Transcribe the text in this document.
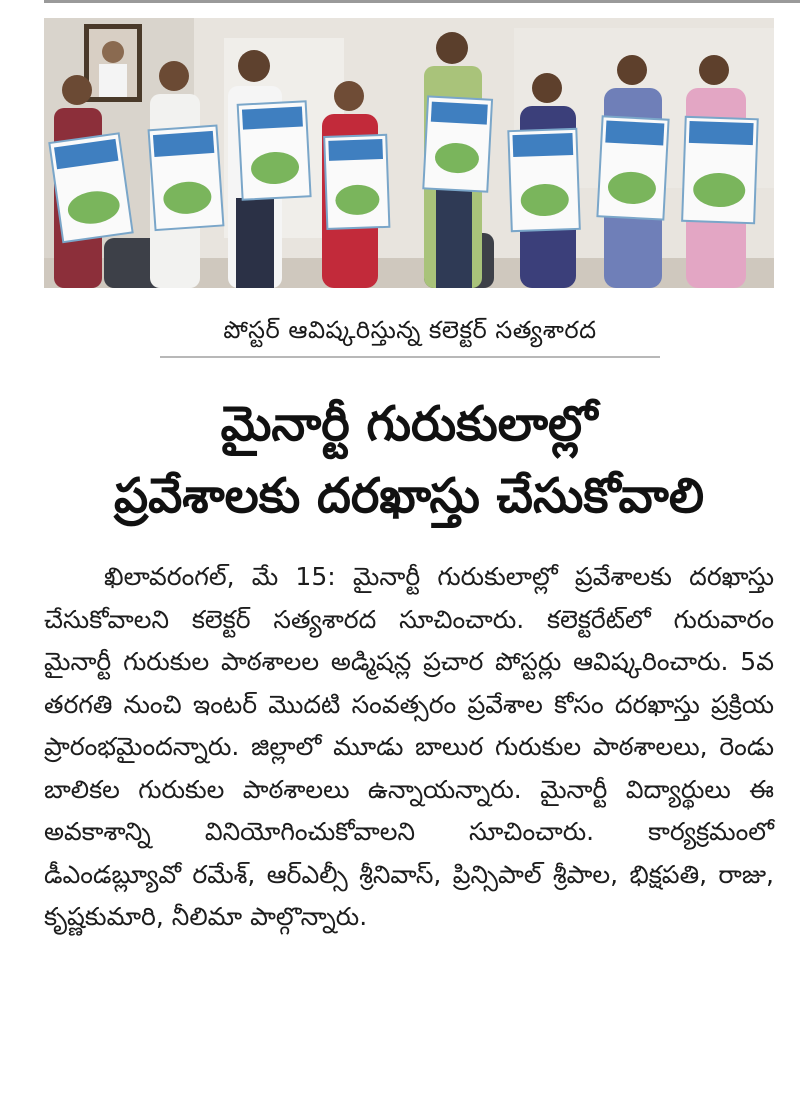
పోస్టర్ ఆవిష్కరిస్తున్న కలెక్టర్ సత్యశారద
మైనార్టీ గురుకులాల్లో
ప్రవేశాలకు దరఖాస్తు చేసుకోవాలి

ఖిలావరంగల్, మే 15: మైనార్టీ గురుకులాల్లో ప్రవేశాలకు దరఖాస్తు చేసుకోవాలని కలెక్టర్ సత్యశారద సూచించారు. కలెక్టరేట్‌లో గురువారం మైనార్టీ గురుకుల పాఠశాలల అడ్మిషన్ల ప్రచార పోస్టర్లు ఆవిష్కరించారు. 5వ తరగతి నుంచి ఇంటర్ మొదటి సంవత్సరం ప్రవేశాల కోసం దరఖాస్తు ప్రక్రియ ప్రారంభమైందన్నారు. జిల్లాలో మూడు బాలుర గురుకుల పాఠశాలలు, రెండు బాలికల గురుకుల పాఠశాలలు ఉన్నాయన్నారు. మైనార్టీ విద్యార్థులు ఈ అవకాశాన్ని వినియోగించుకోవాలని సూచించారు. కార్యక్రమంలో డీఎండబ్ల్యూవో రమేశ్, ఆర్‌ఎల్సీ శ్రీనివాస్, ప్రిన్సిపాల్ శ్రీపాల, భిక్షపతి, రాజు, కృష్ణకుమారి, నీలిమా పాల్గొన్నారు.
